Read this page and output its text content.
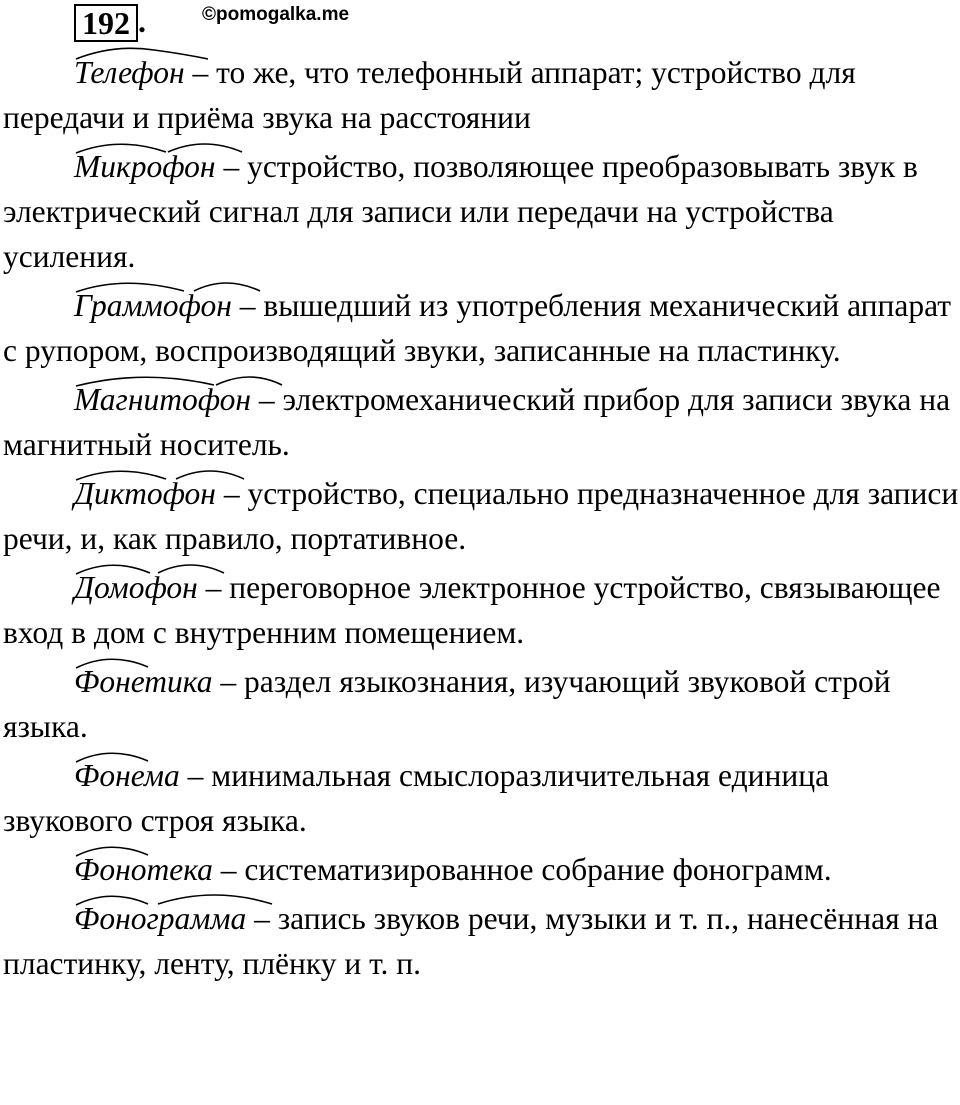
192 .	©pomogalka.me

Телефон – то же, что телефонный аппарат; устройство для передачи и приёма звука на расстоянии

Микрофон – устройство, позволяющее преобразовывать звук в электрический сигнал для записи или передачи на устройства усиления.

Граммофон – вышедший из употребления механический аппарат с рупором, воспроизводящий звуки, записанные на пластинку.

Магнитофон – электромеханический прибор для записи звука на магнитный носитель.

Диктофон – устройство, специально предназначенное для записи речи, и, как правило, портативное.

Домофон – переговорное электронное устройство, связывающее вход в дом с внутренним помещением.

Фонетика – раздел языкознания, изучающий звуковой строй языка.

Фонема – минимальная смыслоразличительная единица звукового строя языка.

Фонотека – систематизированное собрание фонограмм.

Фонограмма – запись звуков речи, музыки и т. п., нанесённая на пластинку, ленту, плёнку и т. п.
